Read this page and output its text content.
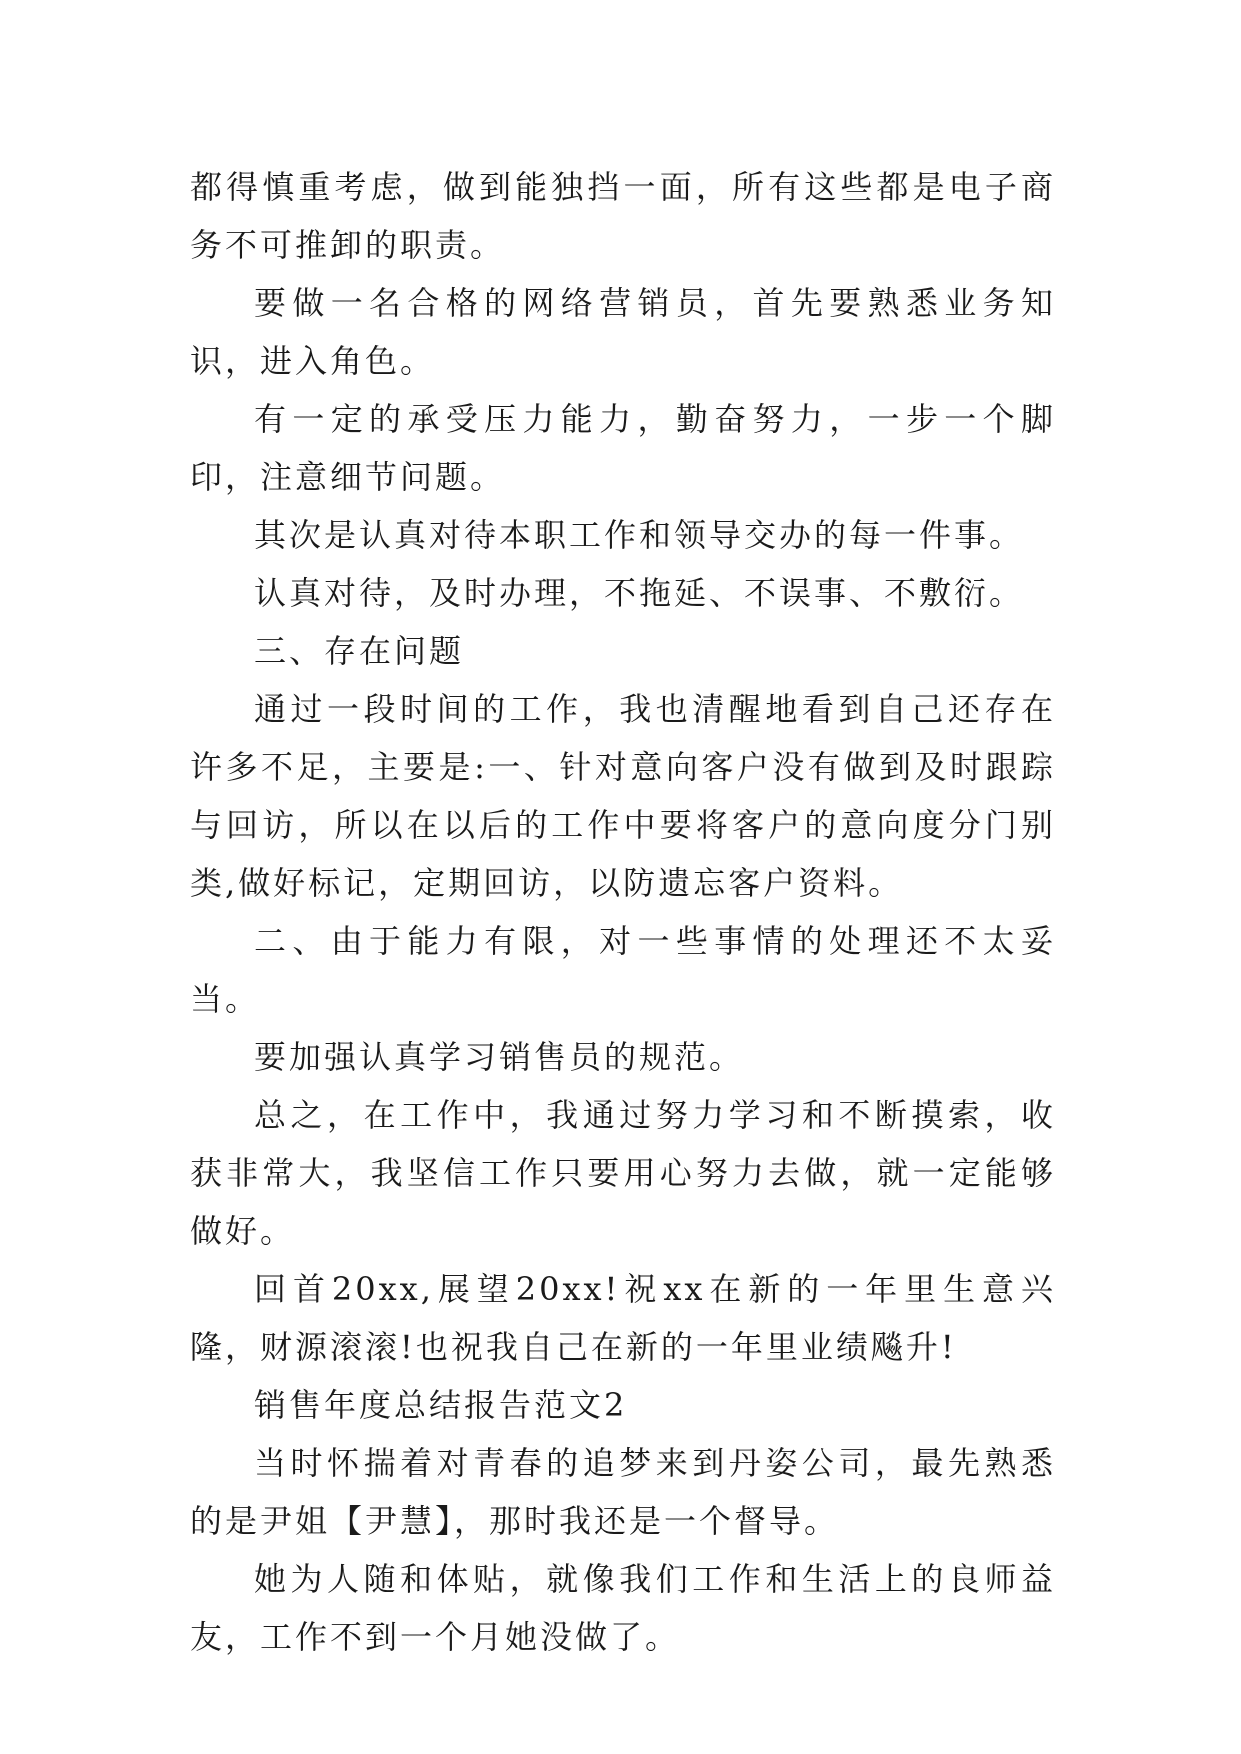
都得慎重考虑，做到能独挡一面，所有这些都是电子商务不可推卸的职责。

要做一名合格的网络营销员，首先要熟悉业务知识，进入角色。

有一定的承受压力能力，勤奋努力，一步一个脚印，注意细节问题。

其次是认真对待本职工作和领导交办的每一件事。

认真对待，及时办理，不拖延、不误事、不敷衍。

三、存在问题

通过一段时间的工作，我也清醒地看到自己还存在许多不足，主要是:一、针对意向客户没有做到及时跟踪与回访，所以在以后的工作中要将客户的意向度分门别类,做好标记，定期回访，以防遗忘客户资料。

二、由于能力有限，对一些事情的处理还不太妥当。

要加强认真学习销售员的规范。

总之，在工作中，我通过努力学习和不断摸索，收获非常大，我坚信工作只要用心努力去做，就一定能够做好。

回首20xx,展望20xx!祝xx在新的一年里生意兴隆，财源滚滚!也祝我自己在新的一年里业绩飚升!

销售年度总结报告范文2

当时怀揣着对青春的追梦来到丹姿公司，最先熟悉的是尹姐【尹慧】，那时我还是一个督导。

她为人随和体贴，就像我们工作和生活上的良师益友，工作不到一个月她没做了。
